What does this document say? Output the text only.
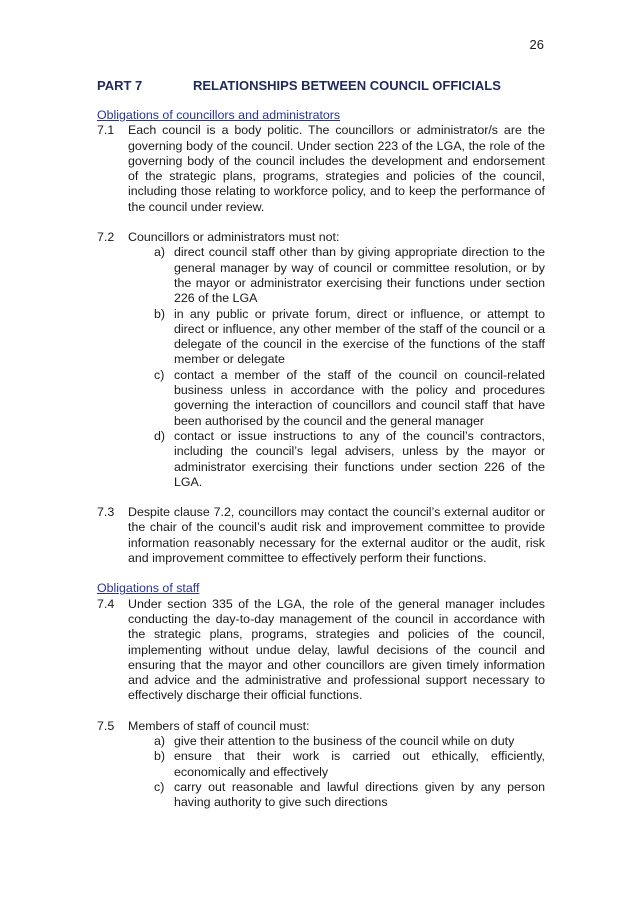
26
PART 7	RELATIONSHIPS BETWEEN COUNCIL OFFICIALS
Obligations of councillors and administrators
7.1	Each council is a body politic. The councillors or administrator/s are the governing body of the council. Under section 223 of the LGA, the role of the governing body of the council includes the development and endorsement of the strategic plans, programs, strategies and policies of the council, including those relating to workforce policy, and to keep the performance of the council under review.
7.2	Councillors or administrators must not:
a) direct council staff other than by giving appropriate direction to the general manager by way of council or committee resolution, or by the mayor or administrator exercising their functions under section 226 of the LGA
b) in any public or private forum, direct or influence, or attempt to direct or influence, any other member of the staff of the council or a delegate of the council in the exercise of the functions of the staff member or delegate
c) contact a member of the staff of the council on council-related business unless in accordance with the policy and procedures governing the interaction of councillors and council staff that have been authorised by the council and the general manager
d) contact or issue instructions to any of the council’s contractors, including the council’s legal advisers, unless by the mayor or administrator exercising their functions under section 226 of the LGA.
7.3	Despite clause 7.2, councillors may contact the council’s external auditor or the chair of the council’s audit risk and improvement committee to provide information reasonably necessary for the external auditor or the audit, risk and improvement committee to effectively perform their functions.
Obligations of staff
7.4	Under section 335 of the LGA, the role of the general manager includes conducting the day-to-day management of the council in accordance with the strategic plans, programs, strategies and policies of the council, implementing without undue delay, lawful decisions of the council and ensuring that the mayor and other councillors are given timely information and advice and the administrative and professional support necessary to effectively discharge their official functions.
7.5	Members of staff of council must:
a) give their attention to the business of the council while on duty
b) ensure that their work is carried out ethically, efficiently, economically and effectively
c) carry out reasonable and lawful directions given by any person having authority to give such directions
